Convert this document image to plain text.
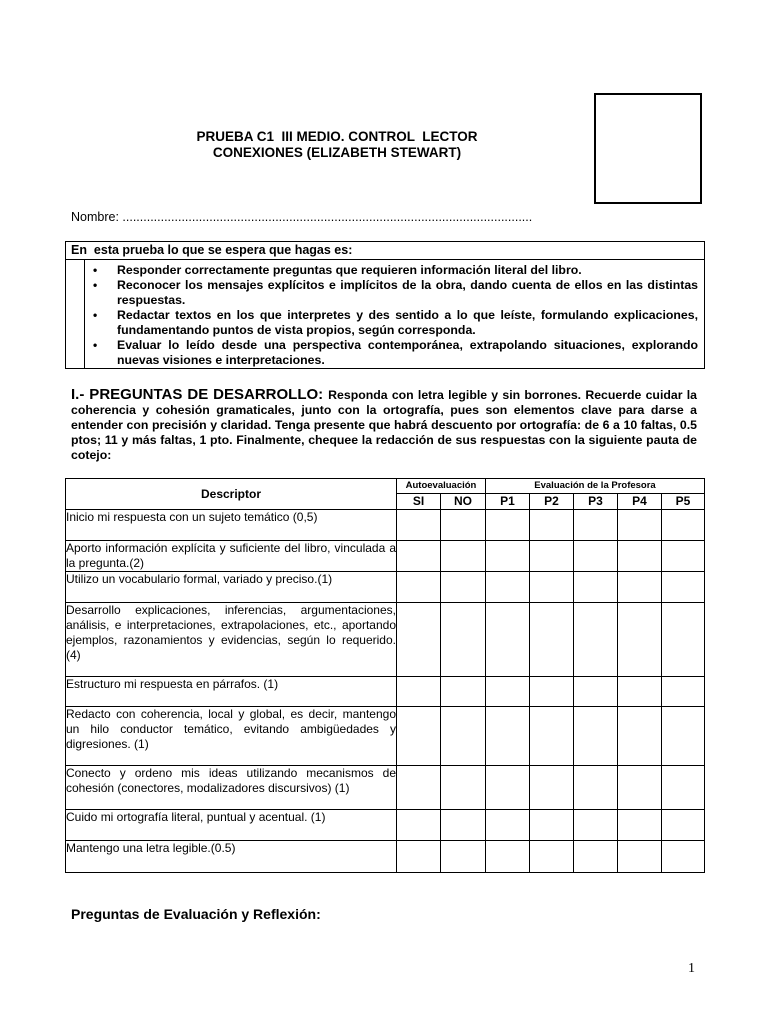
PRUEBA C1  III MEDIO. CONTROL  LECTOR
CONEXIONES (ELIZABETH STEWART)
Nombre: ......................................................................................................................
En  esta prueba lo que se espera que hagas es:
• Responder correctamente preguntas que requieren información literal del libro.
• Reconocer los mensajes explícitos e implícitos de la obra, dando cuenta de ellos en las distintas respuestas.
• Redactar textos en los que interpretes y des sentido a lo que leíste, formulando explicaciones, fundamentando puntos de vista propios, según corresponda.
• Evaluar lo leído desde una perspectiva contemporánea, extrapolando situaciones, explorando nuevas visiones e interpretaciones.
I.- PREGUNTAS DE DESARROLLO: Responda con letra legible y sin borrones. Recuerde cuidar la coherencia y cohesión gramaticales, junto con la ortografía, pues son elementos clave para darse a entender con precisión y claridad. Tenga presente que habrá descuento por ortografía: de 6 a 10 faltas, 0.5 ptos; 11 y más faltas, 1 pto. Finalmente, chequee la redacción de sus respuestas con la siguiente pauta de cotejo:
Descriptor	Autoevaluación		Evaluación de la Profesora				
	SI	NO	P1	P2	P3	P4	P5
Inicio mi respuesta con un sujeto temático (0,5)							
Aporto información explícita y suficiente del libro, vinculada a la pregunta.(2)							
Utilizo un vocabulario formal, variado y preciso.(1)							
Desarrollo explicaciones, inferencias, argumentaciones, análisis, e interpretaciones, extrapolaciones, etc., aportando ejemplos, razonamientos y evidencias, según lo requerido. (4)							
Estructuro mi respuesta en párrafos. (1)							
Redacto con coherencia, local y global, es decir, mantengo un hilo conductor temático, evitando ambigüedades y digresiones. (1)							
Conecto y ordeno mis ideas utilizando mecanismos de cohesión (conectores, modalizadores discursivos) (1)							
Cuido mi ortografía literal, puntual y acentual. (1)							
Mantengo una letra legible.(0.5)							
Preguntas de Evaluación y Reflexión:
1
